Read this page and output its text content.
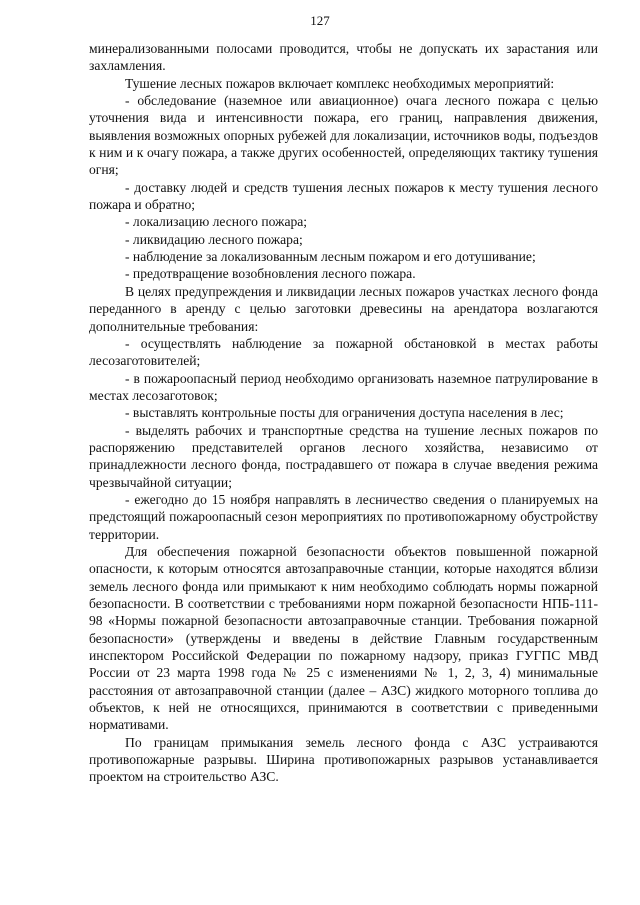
127

минерализованными полосами проводится, чтобы не допускать их зарастания или захламления.

Тушение лесных пожаров включает комплекс необходимых мероприятий:

- обследование (наземное или авиационное) очага лесного пожара с целью уточнения вида и интенсивности пожара, его границ, направления движения, выявления возможных опорных рубежей для локализации, источников воды, подъездов к ним и к очагу пожара, а также других особенностей, определяющих тактику тушения огня;

- доставку людей и средств тушения лесных пожаров к месту тушения лесного пожара и обратно;

- локализацию лесного пожара;

- ликвидацию лесного пожара;

- наблюдение за локализованным лесным пожаром и его дотушивание;

- предотвращение возобновления лесного пожара.

В целях предупреждения и ликвидации лесных пожаров участках лесного фонда переданного в аренду с целью заготовки древесины на арендатора возлагаются дополнительные требования:

- осуществлять наблюдение за пожарной обстановкой в местах работы лесозаготовителей;

- в пожароопасный период необходимо организовать наземное патрулирование в местах лесозаготовок;

- выставлять контрольные посты для ограничения доступа населения в лес;

- выделять рабочих и транспортные средства на тушение лесных пожаров по распоряжению представителей органов лесного хозяйства, независимо от принадлежности лесного фонда, пострадавшего от пожара в случае введения режима чрезвычайной ситуации;

- ежегодно до 15 ноября направлять в лесничество сведения о планируемых на предстоящий пожароопасный сезон мероприятиях по противопожарному обустройству территории.

Для обеспечения пожарной безопасности объектов повышенной пожарной опасности, к которым относятся автозаправочные станции, которые находятся вблизи земель лесного фонда или примыкают к ним необходимо соблюдать нормы пожарной безопасности. В соответствии с требованиями норм пожарной безопасности НПБ-111-98 «Нормы пожарной безопасности автозаправочные станции. Требования пожарной безопасности» (утверждены и введены в действие Главным государственным инспектором Российской Федерации по пожарному надзору, приказ ГУГПС МВД России от 23 марта 1998 года № 25 с изменениями № 1, 2, 3, 4) минимальные расстояния от автозаправочной станции (далее – АЗС) жидкого моторного топлива до объектов, к ней не относящихся, принимаются в соответствии с приведенными нормативами.

По границам примыкания земель лесного фонда с АЗС устраиваются противопожарные разрывы. Ширина противопожарных разрывов устанавливается проектом на строительство АЗС.
